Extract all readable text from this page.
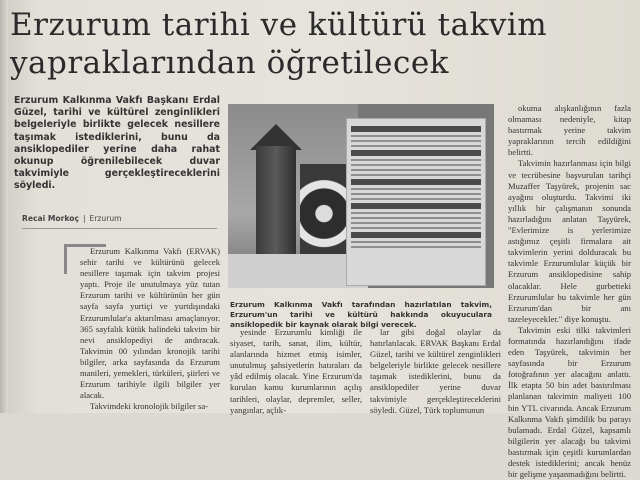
Erzurum tarihi ve kültürü takvim
yapraklarından öğretilecek

Erzurum Kalkınma Vakfı Başkanı Erdal Güzel, tarihi ve kültürel zenginlikleri belgeleriyle birlikte gelecek nesillere taşımak istediklerini, bunu da ansiklopediler yerine daha rahat okunup öğrenilebilecek duvar takvimiyle gerçekleştireceklerini söyledi.

Recai Morkoç | Erzurum

Erzurum Kalkınma Vakfı (ERVAK) sehir tarihi ve kültürünü gelecek nesillere taşımak için takvim projesi yaptı. Proje ile unutulmaya yüz tutan Erzurum tarihi ve kültürünün her gün sayfa sayfa yurtiçi ve yurtdışındaki Erzurumlular'a aktarılması amaçlanıyor. 365 sayfalık kütük halindeki takvim bir nevi ansiklopediyi de andıracak. Takvimin 00 yılından kronojik tarihi bilgiler, arka sayfasında da Erzurum manileri, yemekleri, türküleri, şiirleri ve Erzurum tarihiyle ilgili bilgiler yer alacak.

Takvimdeki kronolojik bilgiler sa-

Erzurum Kalkınma Vakfı tarafından hazırlatılan takvim, Erzurum'un tarihi ve kültürü hakkında okuyuculara ansiklopedik bir kaynak olarak bilgi verecek.

yesinde Erzurumlu kimliği ile siyaset, tarih, sanat, ilim, kültür, alanlarında hizmet etmiş isimler, unutulmuş şahsiyetlerin hatıraları da yâd edilmiş olacak. Yine Erzurum'da kurulan kamu kurumlarının açılış tarihleri, olaylar, depremler, seller, yangınlar, açlık-

lar gibi doğal olaylar da hatırlatılacak. ERVAK Başkanı Erdal Güzel, tarihi ve kültürel zenginlikleri belgeleriyle birlikte gelecek nesillere taşımak istediklerini, bunu da ansiklopediler yerine duvar takvimiyle gerçekleştireceklerini söyledi. Güzel, Türk toplumunun

okuma alışkanlığının fazla olmaması nedeniyle, kitap bastırmak yerine takvim yapraklarının tercih edildiğini belirtti.

Takvimin hazırlanması için bilgi ve tecrübesine başvurulan tarihçi Muzaffer Taşyürek, projenin sac ayağını oluşturdu. Takvimi iki yıllık bir çalışmanın sonunda hazırladığını anlatan Taşyürek, "Evlerimize is yerlerimize astığımız çeşitli firmalara ait takvimlerin yerini dolduracak bu takvimle Erzurumlular küçük bir Erzurum ansiklopedisine sahip olacaklar. Hele gurbetteki Erzurumlular bu takvimle her gün Erzurum'dan bir anı tazeleyecekler." diye konuştu.

Takvimin eski tilki takvimleri formatında hazırlandığını ifade eden Taşyürek, takvimin her sayfasında bir Erzurum fotoğrafının yer alacağını anlattı. İlk etapta 50 bin adet bastırılması planlanan takvimin maliyeti 100 bin YTL civarında. Ancak Erzurum Kalkınma Vakfı şimdilik bu parayı bulamadı. Erdal Güzel, kapsamlı bilgilerin yer alacağı bu takvimi bastırmak için çeşitli kurumlardan destek istediklerini; ancak henüz bir gelişme yaşanmadığını belirtti.
